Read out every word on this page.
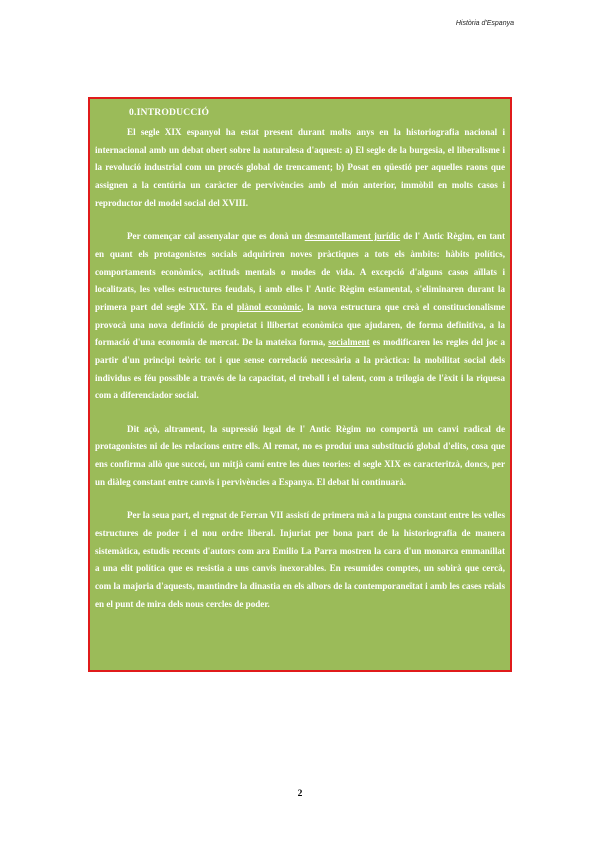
Història d'Espanya
0.INTRODUCCIÓ

El segle XIX espanyol ha estat present durant molts anys en la historiografia nacional i internacional amb un debat obert sobre la naturalesa d'aquest: a) El segle de la burgesia, el liberalisme i la revolució industrial com un procés global de trencament; b) Posat en qüestió per aquelles raons que assignen a la centúria un caràcter de pervivències amb el món anterior, immòbil en molts casos i reproductor del model social del XVIII.

Per començar cal assenyalar que es donà un desmantellament jurídic de l' Antic Règim, en tant en quant els protagonistes socials adquiriren noves pràctiques a tots els àmbits: hàbits polítics, comportaments econòmics, actituds mentals o modes de vida. A excepció d'alguns casos aïllats i localitzats, les velles estructures feudals, i amb elles l' Antic Règim estamental, s'eliminaren durant la primera part del segle XIX. En el plànol econòmic, la nova estructura que creà el constitucionalisme provocà una nova definició de propietat i llibertat econòmica que ajudaren, de forma definitiva, a la formació d'una economia de mercat. De la mateixa forma, socialment es modificaren les regles del joc a partir d'un principi teòric tot i que sense correlació necessària a la pràctica: la mobilitat social dels individus es féu possible a través de la capacitat, el treball i el talent, com a trilogia de l'èxit i la riquesa com a diferenciador social.

Dit açò, altrament, la supressió legal de l' Antic Règim no comportà un canvi radical de protagonistes ni de les relacions entre ells. Al remat, no es produí una substitució global d'elits, cosa que ens confirma allò que succeí, un mitjà camí entre les dues teories: el segle XIX es caracteritzà, doncs, per un diàleg constant entre canvis i pervivències a Espanya. El debat hi continuarà.

Per la seua part, el regnat de Ferran VII assistí de primera mà a la pugna constant entre les velles estructures de poder i el nou ordre liberal. Injuriat per bona part de la historiografia de manera sistemàtica, estudis recents d'autors com ara Emilio La Parra mostren la cara d'un monarca emmanillat a una elit política que es resistia a uns canvis inexorables. En resumides comptes, un sobirà que cercà, com la majoria d'aquests, mantindre la dinastia en els albors de la contemporaneïtat i amb les cases reials en el punt de mira dels nous cercles de poder.

2
